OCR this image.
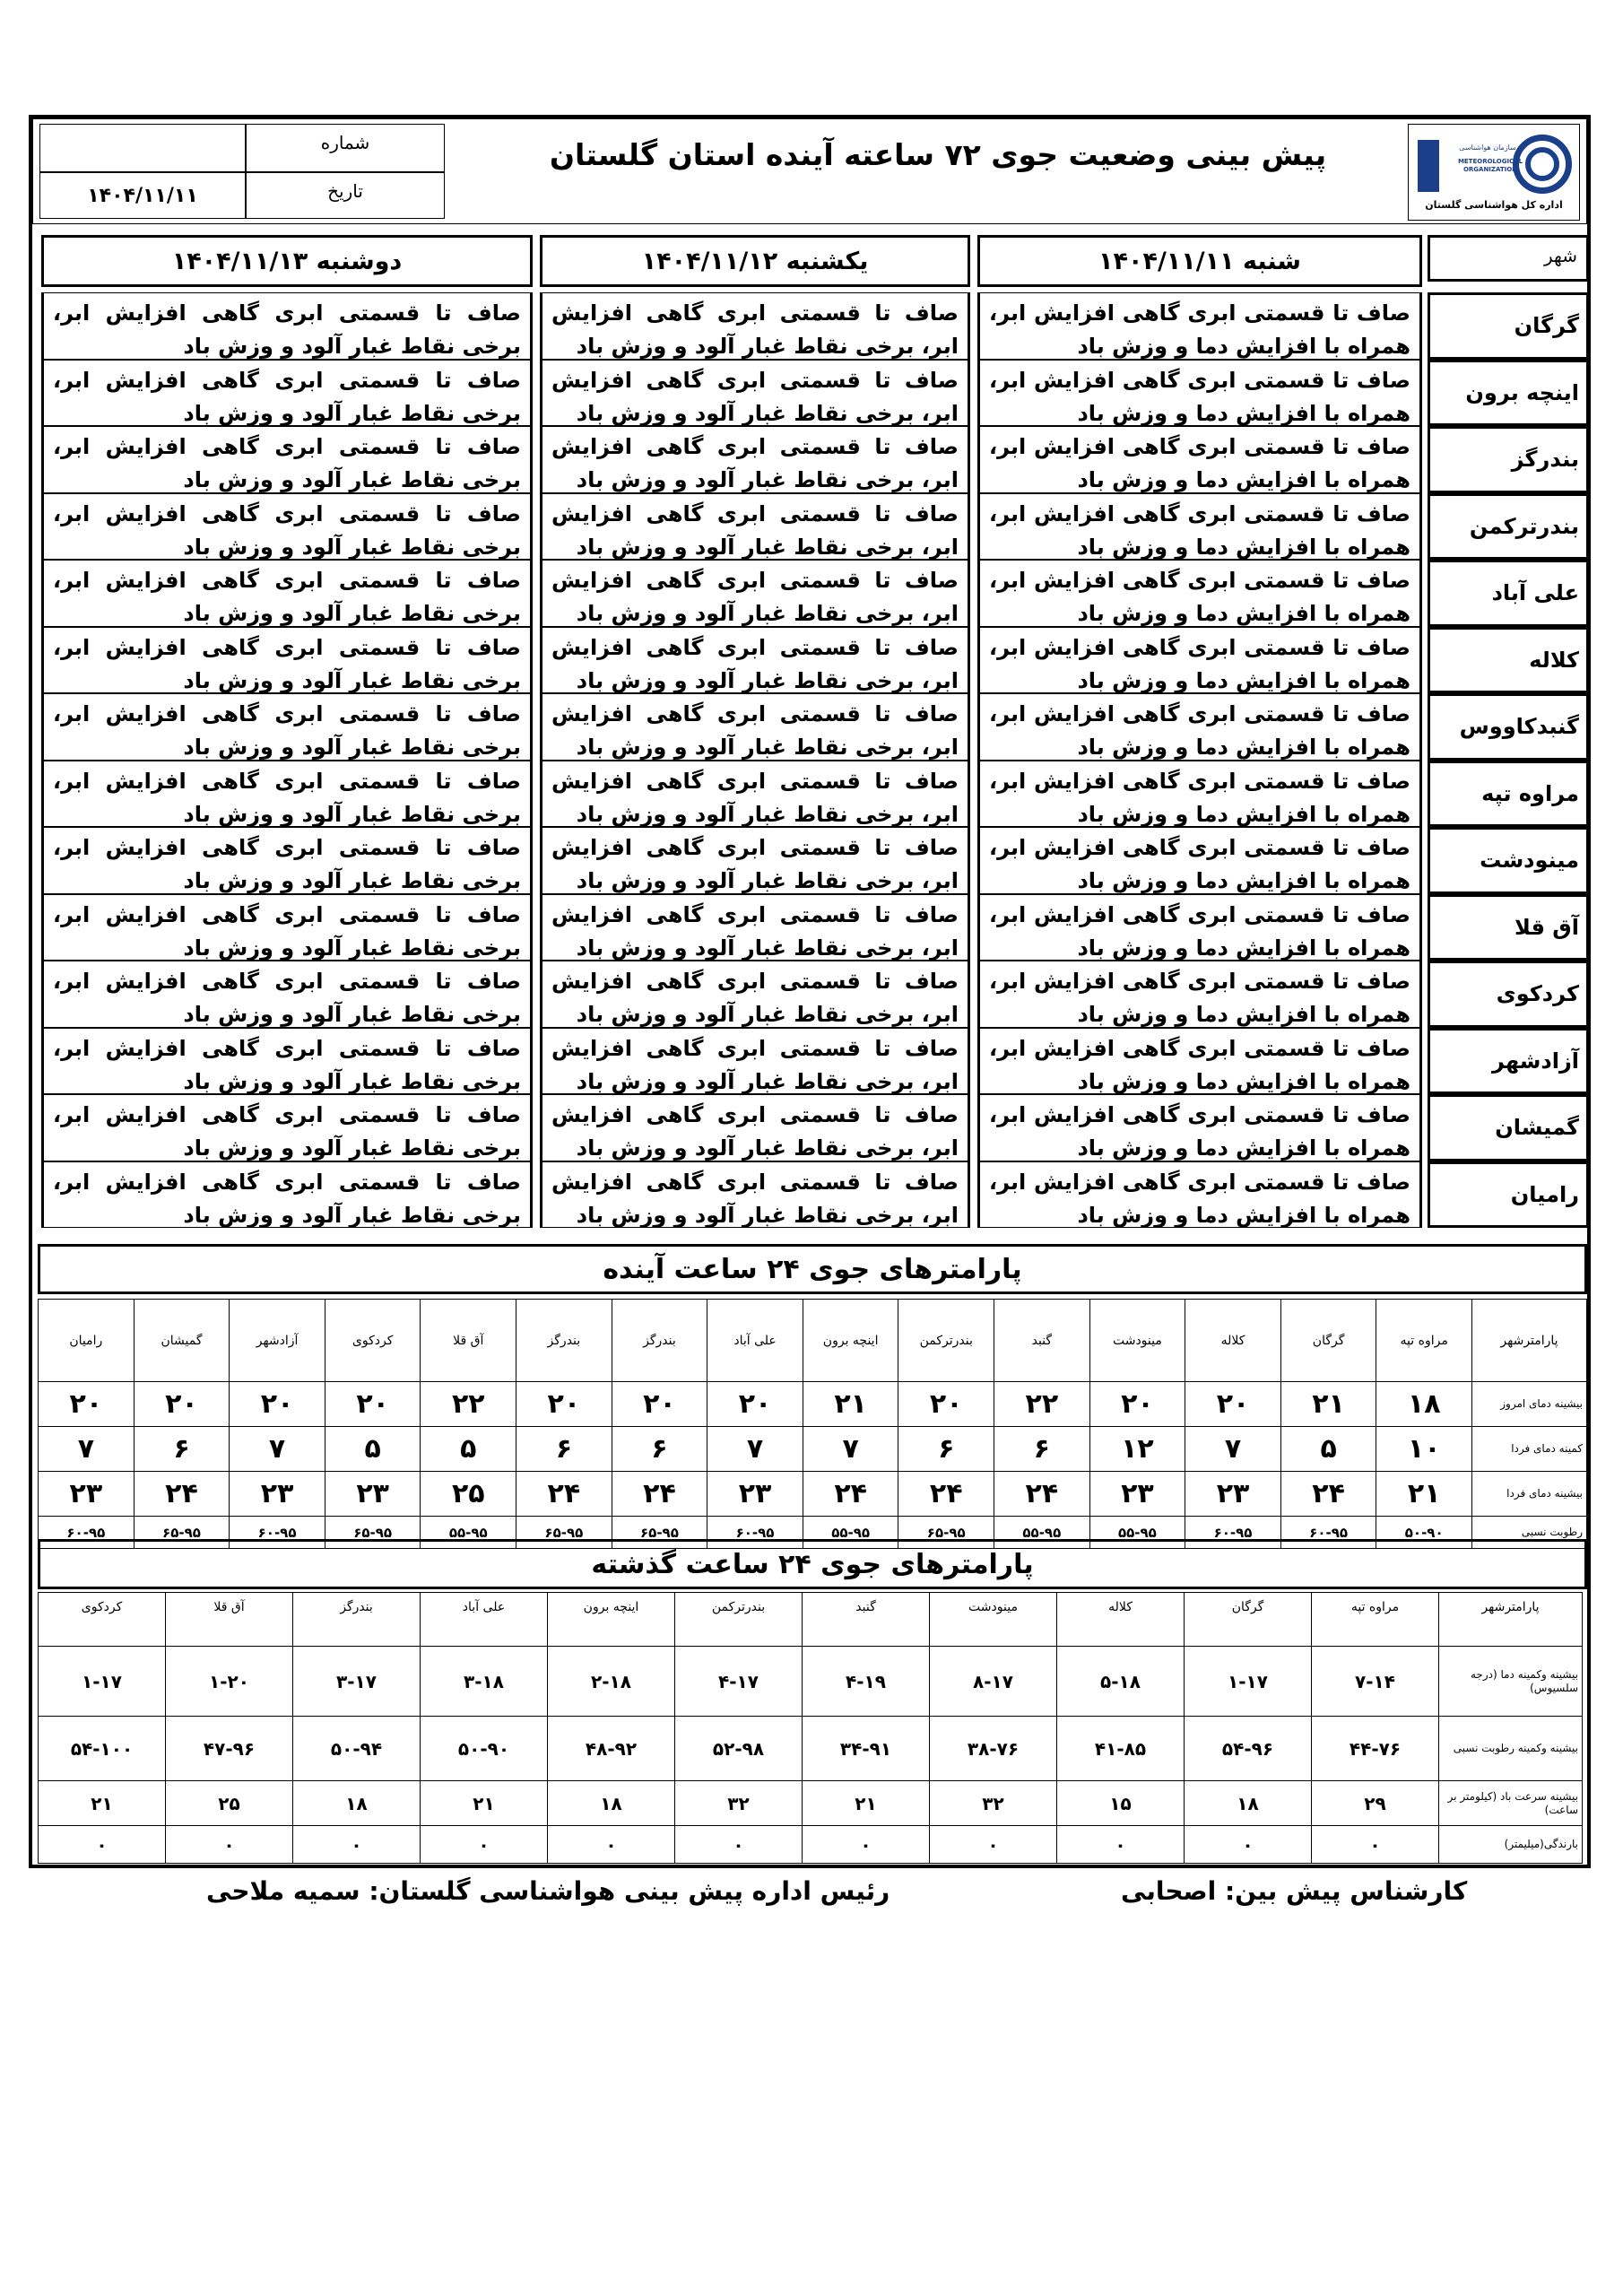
شماره
۱۴۰۴/۱۱/۱۱	تاریخ
پیش بینی وضعیت جوی ۷۲ ساعته آینده استان گلستان	سازمان هواشناسی
METEOROLOGICAL ORGANIZATION
اداره کل هواشناسی گلستان
شهر
شنبه ۱۴۰۴/۱۱/۱۱
یکشنبه ۱۴۰۴/۱۱/۱۲
دوشنبه ۱۴۰۴/۱۱/۱۳
گرگان
صاف تا قسمتی ابری گاهی افزایش ابر، همراه با افزایش دما و وزش باد
صاف تا قسمتی ابری گاهی افزایش ابر، برخی نقاط غبار آلود و وزش باد
صاف تا قسمتی ابری گاهی افزایش ابر، برخی نقاط غبار آلود و وزش باد
اینچه برون
صاف تا قسمتی ابری گاهی افزایش ابر، همراه با افزایش دما و وزش باد
صاف تا قسمتی ابری گاهی افزایش ابر، برخی نقاط غبار آلود و وزش باد
صاف تا قسمتی ابری گاهی افزایش ابر، برخی نقاط غبار آلود و وزش باد
بندرگز
صاف تا قسمتی ابری گاهی افزایش ابر، همراه با افزایش دما و وزش باد
صاف تا قسمتی ابری گاهی افزایش ابر، برخی نقاط غبار آلود و وزش باد
صاف تا قسمتی ابری گاهی افزایش ابر، برخی نقاط غبار آلود و وزش باد
بندرترکمن
صاف تا قسمتی ابری گاهی افزایش ابر، همراه با افزایش دما و وزش باد
صاف تا قسمتی ابری گاهی افزایش ابر، برخی نقاط غبار آلود و وزش باد
صاف تا قسمتی ابری گاهی افزایش ابر، برخی نقاط غبار آلود و وزش باد
علی آباد
صاف تا قسمتی ابری گاهی افزایش ابر، همراه با افزایش دما و وزش باد
صاف تا قسمتی ابری گاهی افزایش ابر، برخی نقاط غبار آلود و وزش باد
صاف تا قسمتی ابری گاهی افزایش ابر، برخی نقاط غبار آلود و وزش باد
کلاله
صاف تا قسمتی ابری گاهی افزایش ابر، همراه با افزایش دما و وزش باد
صاف تا قسمتی ابری گاهی افزایش ابر، برخی نقاط غبار آلود و وزش باد
صاف تا قسمتی ابری گاهی افزایش ابر، برخی نقاط غبار آلود و وزش باد
گنبدکاووس
صاف تا قسمتی ابری گاهی افزایش ابر، همراه با افزایش دما و وزش باد
صاف تا قسمتی ابری گاهی افزایش ابر، برخی نقاط غبار آلود و وزش باد
صاف تا قسمتی ابری گاهی افزایش ابر، برخی نقاط غبار آلود و وزش باد
مراوه تپه
صاف تا قسمتی ابری گاهی افزایش ابر، همراه با افزایش دما و وزش باد
صاف تا قسمتی ابری گاهی افزایش ابر، برخی نقاط غبار آلود و وزش باد
صاف تا قسمتی ابری گاهی افزایش ابر، برخی نقاط غبار آلود و وزش باد
مینودشت
صاف تا قسمتی ابری گاهی افزایش ابر، همراه با افزایش دما و وزش باد
صاف تا قسمتی ابری گاهی افزایش ابر، برخی نقاط غبار آلود و وزش باد
صاف تا قسمتی ابری گاهی افزایش ابر، برخی نقاط غبار آلود و وزش باد
آق قلا
صاف تا قسمتی ابری گاهی افزایش ابر، همراه با افزایش دما و وزش باد
صاف تا قسمتی ابری گاهی افزایش ابر، برخی نقاط غبار آلود و وزش باد
صاف تا قسمتی ابری گاهی افزایش ابر، برخی نقاط غبار آلود و وزش باد
کردکوی
صاف تا قسمتی ابری گاهی افزایش ابر، همراه با افزایش دما و وزش باد
صاف تا قسمتی ابری گاهی افزایش ابر، برخی نقاط غبار آلود و وزش باد
صاف تا قسمتی ابری گاهی افزایش ابر، برخی نقاط غبار آلود و وزش باد
آزادشهر
صاف تا قسمتی ابری گاهی افزایش ابر، همراه با افزایش دما و وزش باد
صاف تا قسمتی ابری گاهی افزایش ابر، برخی نقاط غبار آلود و وزش باد
صاف تا قسمتی ابری گاهی افزایش ابر، برخی نقاط غبار آلود و وزش باد
گمیشان
صاف تا قسمتی ابری گاهی افزایش ابر، همراه با افزایش دما و وزش باد
صاف تا قسمتی ابری گاهی افزایش ابر، برخی نقاط غبار آلود و وزش باد
صاف تا قسمتی ابری گاهی افزایش ابر، برخی نقاط غبار آلود و وزش باد
رامیان
صاف تا قسمتی ابری گاهی افزایش ابر، همراه با افزایش دما و وزش باد
صاف تا قسمتی ابری گاهی افزایش ابر، برخی نقاط غبار آلود و وزش باد
صاف تا قسمتی ابری گاهی افزایش ابر، برخی نقاط غبار آلود و وزش باد
پارامترهای جوی ۲۴ ساعت آینده
پارامترشهر	مراوه تپه	گرگان	کلاله	مینودشت	گنبد	بندرترکمن	اینچه برون	علی آباد	بندرگز	بندرگز	آق قلا	کردکوی	آزادشهر	گمیشان	رامیان
بیشینه دمای امروز	۱۸	۲۱	۲۰	۲۰	۲۲	۲۰	۲۱	۲۰	۲۰	۲۰	۲۲	۲۰	۲۰	۲۰	۲۰
کمینه دمای فردا	۱۰	۵	۷	۱۲	۶	۶	۷	۷	۶	۶	۵	۵	۷	۶	۷
بیشینه دمای فردا	۲۱	۲۴	۲۳	۲۳	۲۴	۲۴	۲۴	۲۳	۲۴	۲۴	۲۵	۲۳	۲۳	۲۴	۲۳
رطوبت نسبی	۵۰-۹۰	۶۰-۹۵	۶۰-۹۵	۵۵-۹۵	۵۵-۹۵	۶۵-۹۵	۵۵-۹۵	۶۰-۹۵	۶۵-۹۵	۶۵-۹۵	۵۵-۹۵	۶۵-۹۵	۶۰-۹۵	۶۵-۹۵	۶۰-۹۵
پارامترهای جوی ۲۴ ساعت گذشته
پارامترشهر	مراوه تپه	گرگان	کلاله	مینودشت	گنبد	بندرترکمن	اینچه برون	علی آباد	بندرگز	آق قلا	کردکوی
بیشینه وکمینه دما (درجه سلسیوس)	۷-۱۴	۱-۱۷	۵-۱۸	۸-۱۷	۴-۱۹	۴-۱۷	۲-۱۸	۳-۱۸	۳-۱۷	۱-۲۰	۱-۱۷
بیشینه وکمینه رطوبت نسبی	۴۴-۷۶	۵۴-۹۶	۴۱-۸۵	۳۸-۷۶	۳۴-۹۱	۵۲-۹۸	۴۸-۹۲	۵۰-۹۰	۵۰-۹۴	۴۷-۹۶	۵۴-۱۰۰
بیشینه سرعت باد (کیلومتر بر ساعت)	۲۹	۱۸	۱۵	۳۲	۲۱	۳۲	۱۸	۲۱	۱۸	۲۵	۲۱
بارندگی(میلیمتر)	۰	۰	۰	۰	۰	۰	۰	۰	۰	۰	۰
کارشناس پیش بین: اصحابی
رئیس اداره پیش بینی هواشناسی گلستان: سمیه ملاحی
